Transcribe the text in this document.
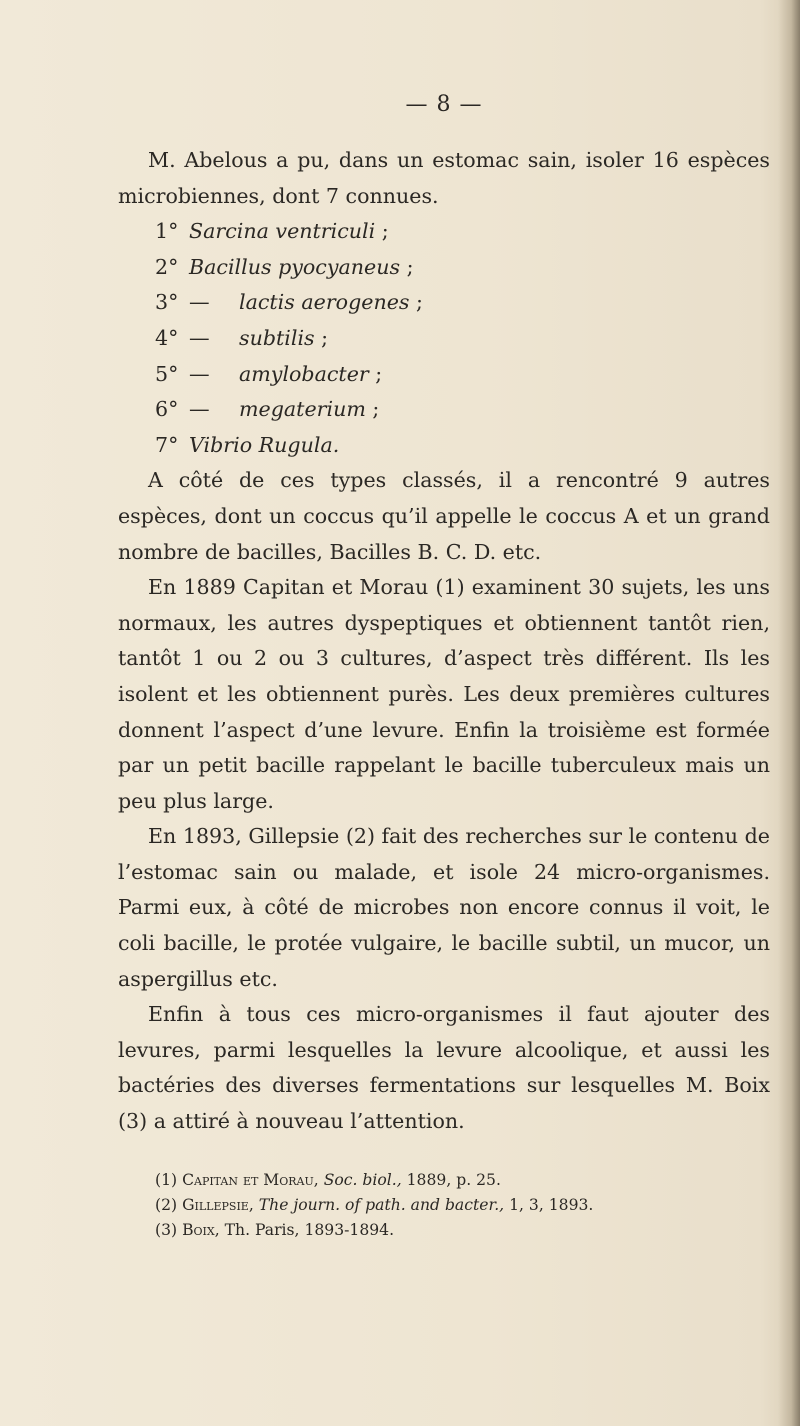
— 8 —

M. Abelous a pu, dans un estomac sain, isoler 16 espèces microbiennes, dont 7 connues.

1° Sarcina ventriculi ;
2° Bacillus pyocyaneus ;
3° — lactis aerogenes ;
4° — subtilis ;
5° — amylobacter ;
6° — megaterium ;
7° Vibrio Rugula.

A côté de ces types classés, il a rencontré 9 autres espèces, dont un coccus qu’il appelle le coccus A et un grand nombre de bacilles, Bacilles B. C. D. etc.

En 1889 Capitan et Morau (1) examinent 30 sujets, les uns normaux, les autres dyspeptiques et obtiennent tantôt rien, tantôt 1 ou 2 ou 3 cultures, d’aspect très différent. Ils les isolent et les obtiennent purès. Les deux premières cultures donnent l’aspect d’une levure. Enfin la troisième est formée par un petit bacille rappelant le bacille tuberculeux mais un peu plus large.

En 1893, Gillepsie (2) fait des recherches sur le contenu de l’estomac sain ou malade, et isole 24 micro-organismes. Parmi eux, à côté de microbes non encore connus il voit, le coli bacille, le protée vulgaire, le bacille subtil, un mucor, un aspergillus etc.

Enfin à tous ces micro-organismes il faut ajouter des levures, parmi lesquelles la levure alcoolique, et aussi les bactéries des diverses fermentations sur lesquelles M. Boix (3) a attiré à nouveau l’attention.

(1) Capitan et Morau, Soc. biol., 1889, p. 25.
(2) Gillepsie, The journ. of path. and bacter., 1, 3, 1893.
(3) Boix, Th. Paris, 1893-1894.
